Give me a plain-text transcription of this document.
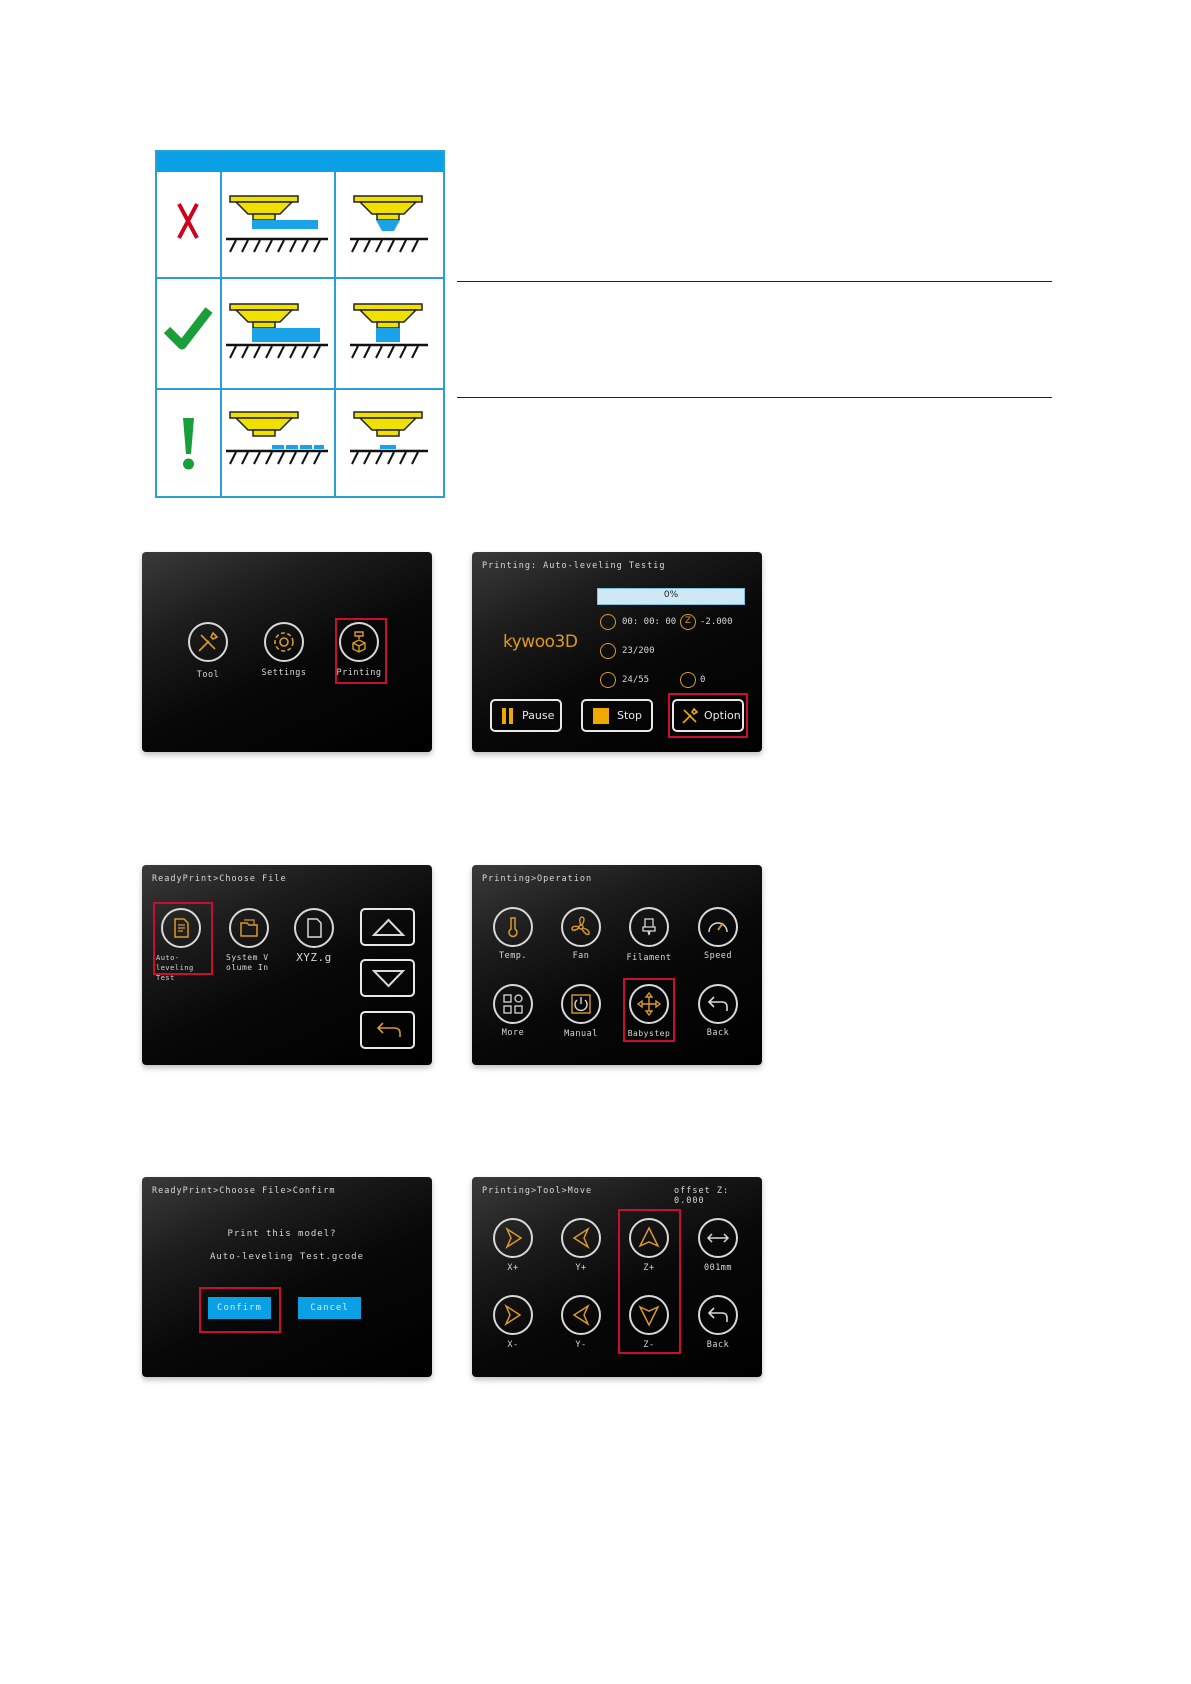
Tool	Settings	Printing
Printing: Auto-leveling Testig
0%
kywoo3D
00: 00: 00 Z -2.000
23/200
24/55	0
Pause	Stop	Option
ReadyPrint>Choose File
Auto-leveling Test
System V olume In
XYZ.g
Printing>Operation
Temp.	Fan	Filament	Speed
More	Manual	Babystep	Back
ReadyPrint>Choose File>Confirm
Print this model?
Auto-leveling Test.gcode
Confirm	Cancel
Printing>Tool>Move	offset Z: 0.000
X+	Y+	Z+	001mm
X-	Y-	Z-	Back
